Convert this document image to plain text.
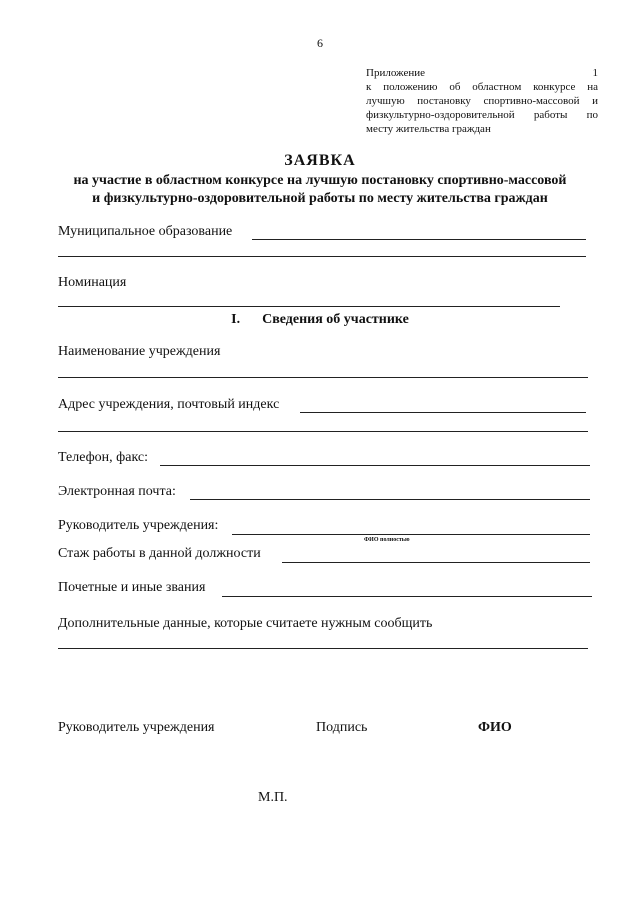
6
Приложение 1
к положению об областном конкурсе на
лучшую постановку спортивно-массовой и
физкультурно-оздоровительной работы по
месту жительства граждан
ЗАЯВКА
на участие в областном конкурсе на лучшую постановку спортивно-массовой
и физкультурно-оздоровительной работы по месту жительства граждан
Муниципальное образование
Номинация
I. Сведения об участнике
Наименование учреждения
Адрес учреждения, почтовый индекс
Телефон, факс:
Электронная почта:
Руководитель учреждения:
ФИО полностью
Стаж работы в данной должности
Почетные и иные звания
Дополнительные данные, которые считаете нужным сообщить
Руководитель учреждения	Подпись	ФИО
М.П.
